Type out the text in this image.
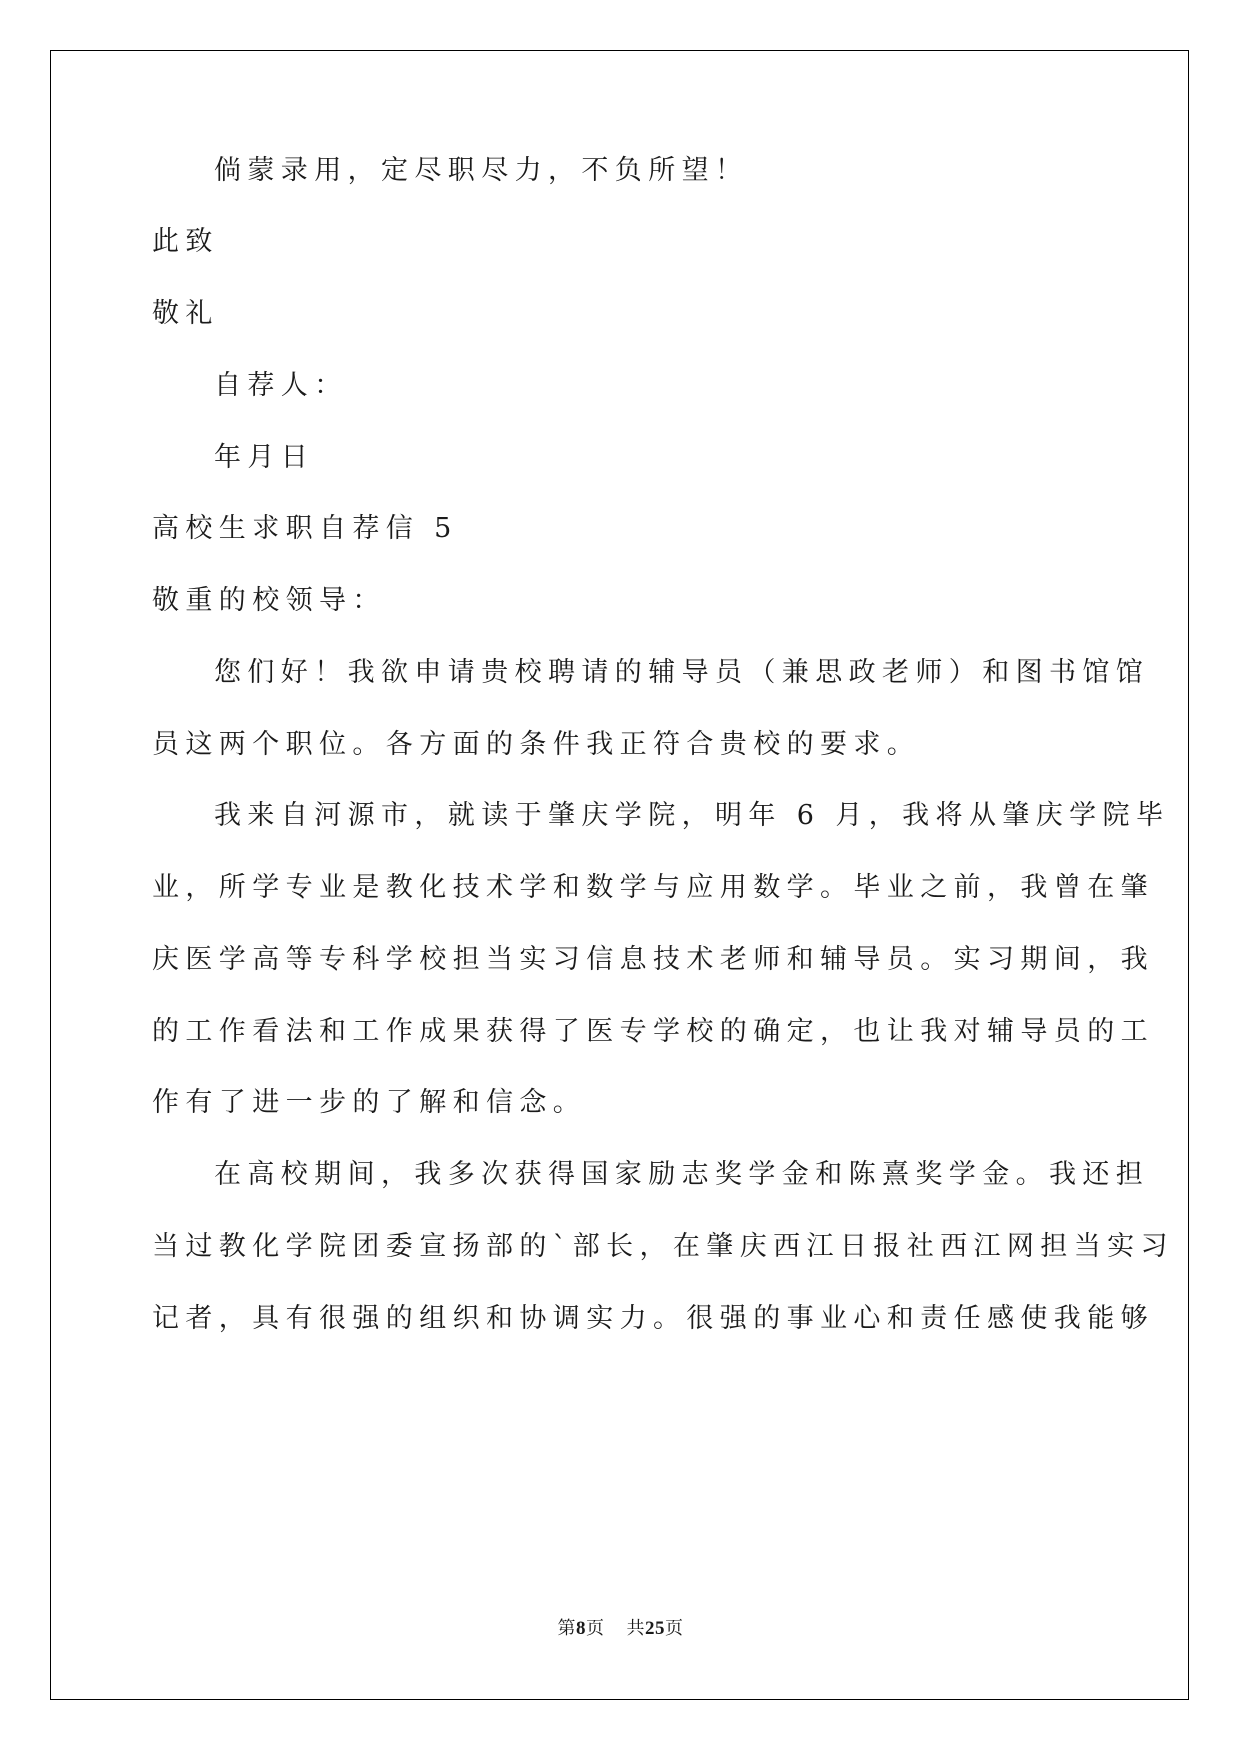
倘蒙录用，定尽职尽力，不负所望！
此致
敬礼
自荐人：
年月日
高校生求职自荐信 5
敬重的校领导：
您们好！我欲申请贵校聘请的辅导员（兼思政老师）和图书馆馆
员这两个职位。各方面的条件我正符合贵校的要求。
我来自河源市，就读于肇庆学院，明年 6 月，我将从肇庆学院毕
业，所学专业是教化技术学和数学与应用数学。毕业之前，我曾在肇
庆医学高等专科学校担当实习信息技术老师和辅导员。实习期间，我
的工作看法和工作成果获得了医专学校的确定，也让我对辅导员的工
作有了进一步的了解和信念。
在高校期间，我多次获得国家励志奖学金和陈熹奖学金。我还担
当过教化学院团委宣扬部的`部长，在肇庆西江日报社西江网担当实习
记者，具有很强的组织和协调实力。很强的事业心和责任感使我能够
第8页 共25页
